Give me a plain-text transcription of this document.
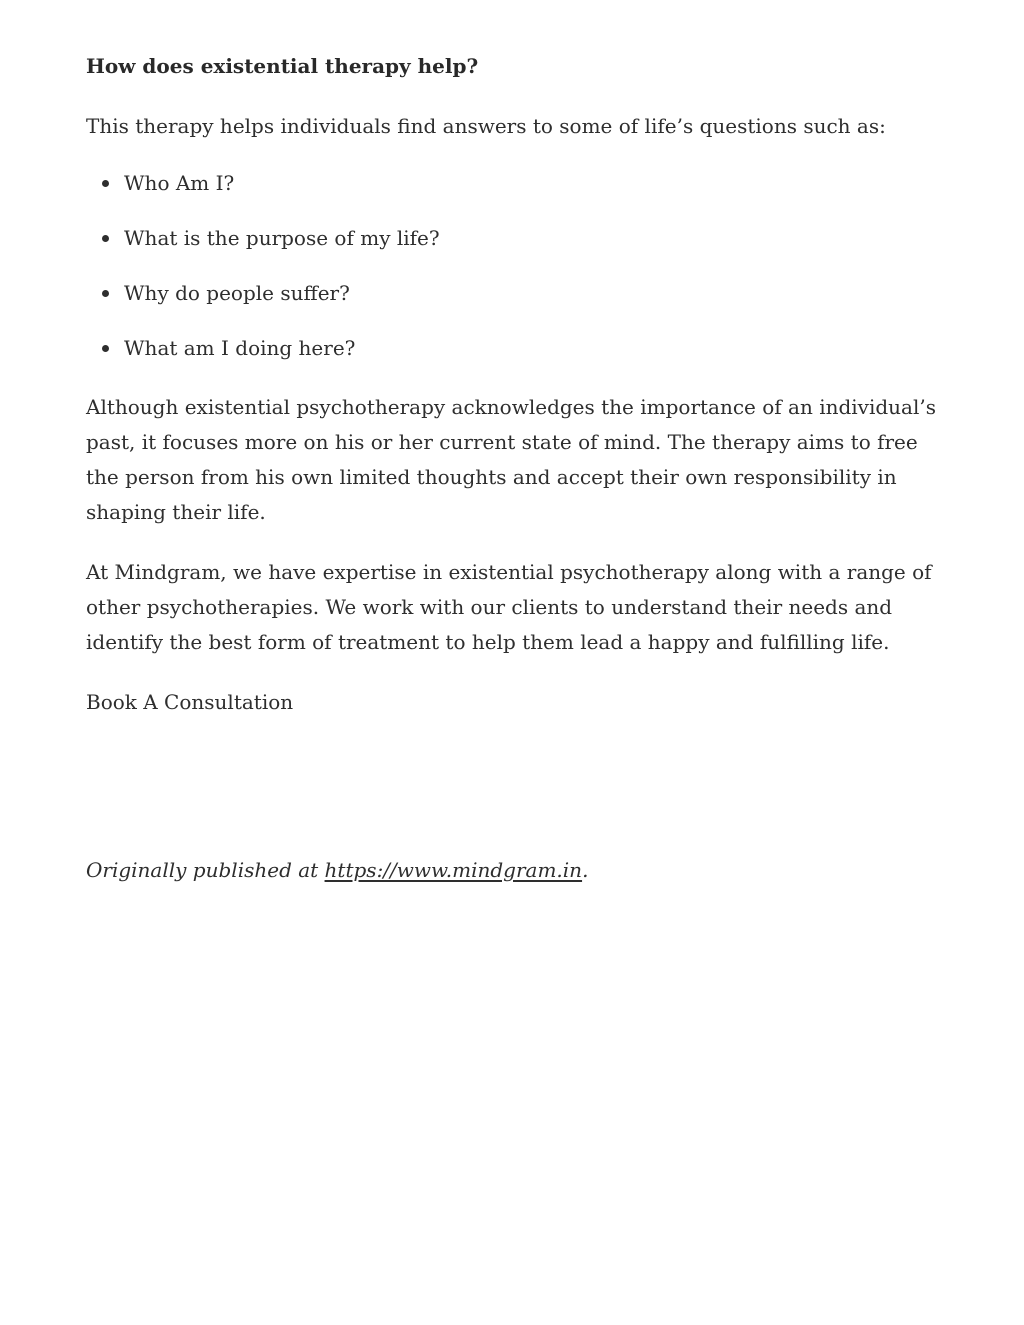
How does existential therapy help?

This therapy helps individuals find answers to some of life’s questions such as:

Who Am I?
What is the purpose of my life?
Why do people suffer?
What am I doing here?

Although existential psychotherapy acknowledges the importance of an individual’s past, it focuses more on his or her current state of mind. The therapy aims to free the person from his own limited thoughts and accept their own responsibility in shaping their life.

At Mindgram, we have expertise in existential psychotherapy along with a range of other psychotherapies. We work with our clients to understand their needs and identify the best form of treatment to help them lead a happy and fulfilling life.

Book A Consultation

Originally published at https://www.mindgram.in.
